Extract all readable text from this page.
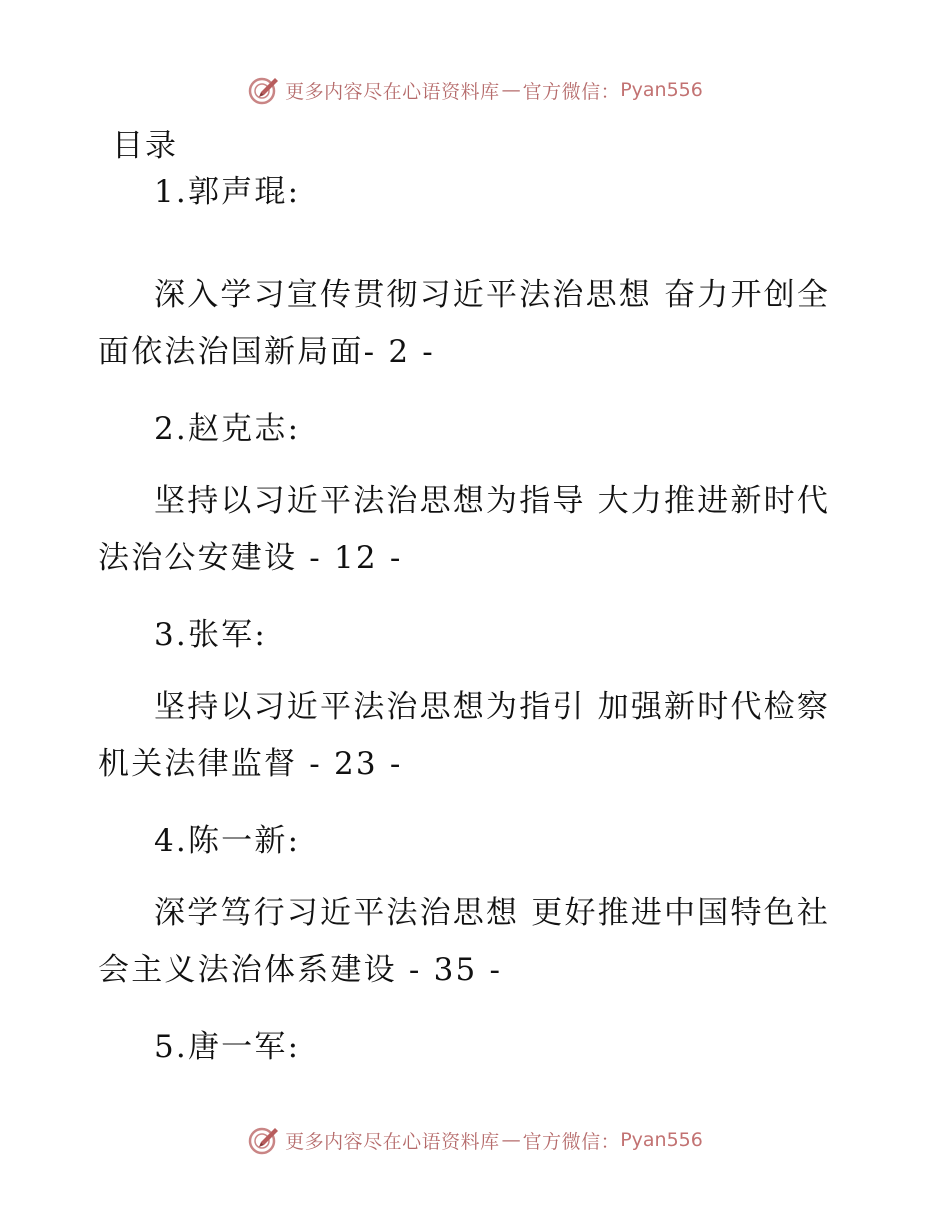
更多内容尽在心语资料库 — 官方微信： Pyan556
目录
1.郭声琨:
深入学习宣传贯彻习近平法治思想 奋力开创全
面依法治国新局面- 2 -
2.赵克志:
坚持以习近平法治思想为指导 大力推进新时代
法治公安建设 - 12 -
3.张军:
坚持以习近平法治思想为指引 加强新时代检察
机关法律监督 - 23 -
4.陈一新:
深学笃行习近平法治思想 更好推进中国特色社
会主义法治体系建设 - 35 -
5.唐一军:
更多内容尽在心语资料库 — 官方微信： Pyan556
